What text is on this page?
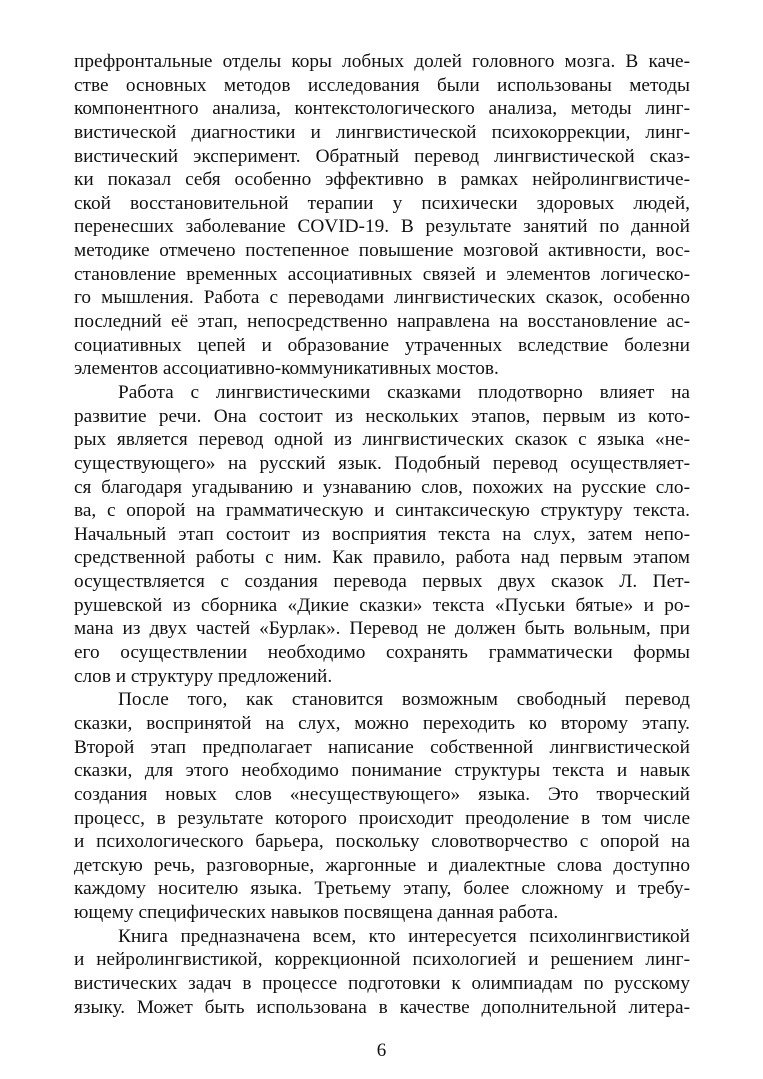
префронтальные отделы коры лобных долей головного мозга. В каче-
стве основных методов исследования были использованы методы
компонентного анализа, контекстологического анализа, методы линг-
вистической диагностики и лингвистической психокоррекции, линг-
вистический эксперимент. Обратный перевод лингвистической сказ-
ки показал себя особенно эффективно в рамках нейролингвистиче-
ской восстановительной терапии у психически здоровых людей,
перенесших заболевание COVID-19. В результате занятий по данной
методике отмечено постепенное повышение мозговой активности, вос-
становление временных ассоциативных связей и элементов логическо-
го мышления. Работа с переводами лингвистических сказок, особенно
последний её этап, непосредственно направлена на восстановление ас-
социативных цепей и образование утраченных вследствие болезни
элементов ассоциативно-коммуникативных мостов.
Работа с лингвистическими сказками плодотворно влияет на
развитие речи. Она состоит из нескольких этапов, первым из кото-
рых является перевод одной из лингвистических сказок с языка «не-
существующего» на русский язык. Подобный перевод осуществляет-
ся благодаря угадыванию и узнаванию слов, похожих на русские сло-
ва, с опорой на грамматическую и синтаксическую структуру текста.
Начальный этап состоит из восприятия текста на слух, затем непо-
средственной работы с ним. Как правило, работа над первым этапом
осуществляется с создания перевода первых двух сказок Л. Пет-
рушевской из сборника «Дикие сказки» текста «Пуськи бятые» и ро-
мана из двух частей «Бурлак». Перевод не должен быть вольным, при
его осуществлении необходимо сохранять грамматически формы
слов и структуру предложений.
После того, как становится возможным свободный перевод
сказки, воспринятой на слух, можно переходить ко второму этапу.
Второй этап предполагает написание собственной лингвистической
сказки, для этого необходимо понимание структуры текста и навык
создания новых слов «несуществующего» языка. Это творческий
процесс, в результате которого происходит преодоление в том числе
и психологического барьера, поскольку словотворчество с опорой на
детскую речь, разговорные, жаргонные и диалектные слова доступно
каждому носителю языка. Третьему этапу, более сложному и требу-
ющему специфических навыков посвящена данная работа.
Книга предназначена всем, кто интересуется психолингвистикой
и нейролингвистикой, коррекционной психологией и решением линг-
вистических задач в процессе подготовки к олимпиадам по русскому
языку. Может быть использована в качестве дополнительной литера-
6
